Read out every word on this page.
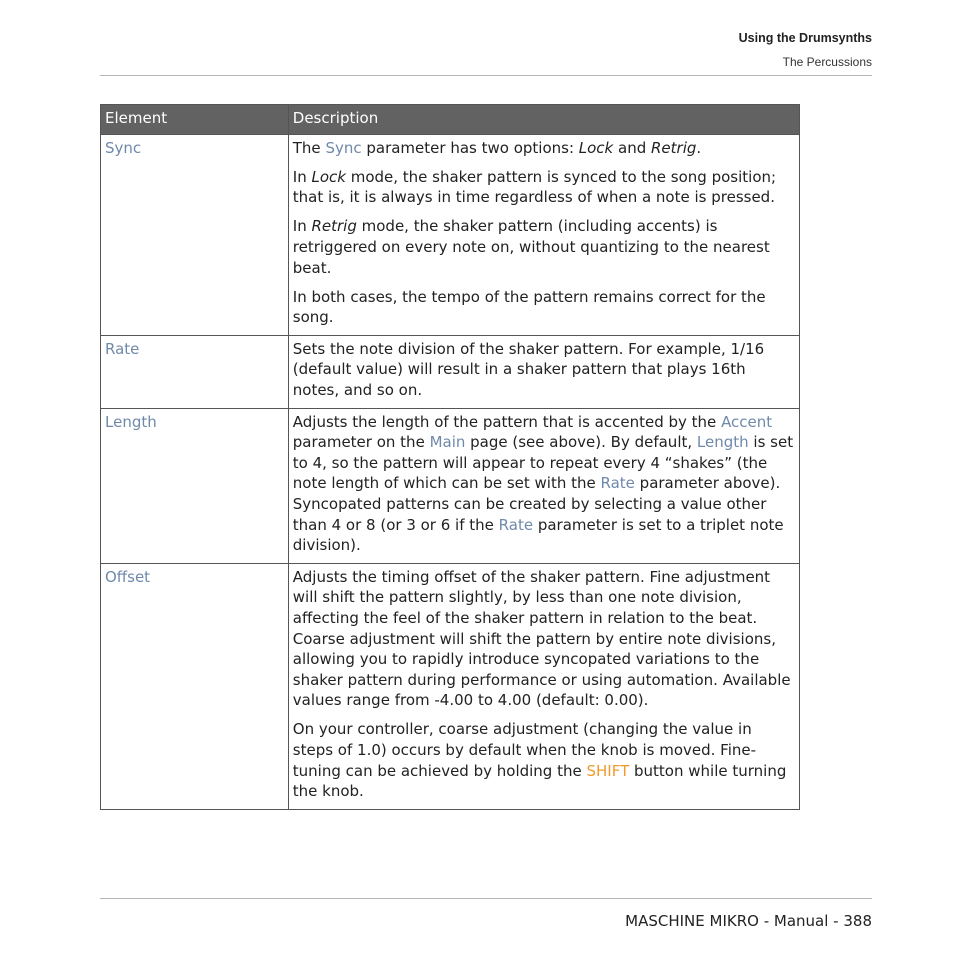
Using the Drumsynths
The Percussions
Element	Description
Sync	The Sync parameter has two options: Lock and Retrig.

In Lock mode, the shaker pattern is synced to the song position; that is, it is always in time regardless of when a note is pressed.

In Retrig mode, the shaker pattern (including accents) is retriggered on every note on, without quantizing to the nearest beat.

In both cases, the tempo of the pattern remains correct for the song.

Rate	Sets the note division of the shaker pattern. For example, 1/16 (default value) will result in a shaker pattern that plays 16th notes, and so on.

Length	Adjusts the length of the pattern that is accented by the Accent parameter on the Main page (see above). By default, Length is set to 4, so the pattern will appear to repeat every 4 “shakes” (the note length of which can be set with the Rate parameter above). Syncopated patterns can be created by selecting a value other than 4 or 8 (or 3 or 6 if the Rate parameter is set to a triplet note division).

Offset	Adjusts the timing offset of the shaker pattern. Fine adjustment will shift the pattern slightly, by less than one note division, affecting the feel of the shaker pattern in relation to the beat. Coarse adjustment will shift the pattern by entire note divisions, allowing you to rapidly introduce syncopated variations to the shaker pattern during performance or using automation. Available values range from -4.00 to 4.00 (default: 0.00).

On your controller, coarse adjustment (changing the value in steps of 1.0) occurs by default when the knob is moved. Fine-tuning can be achieved by holding the SHIFT button while turning the knob.

MASCHINE MIKRO - Manual - 388
